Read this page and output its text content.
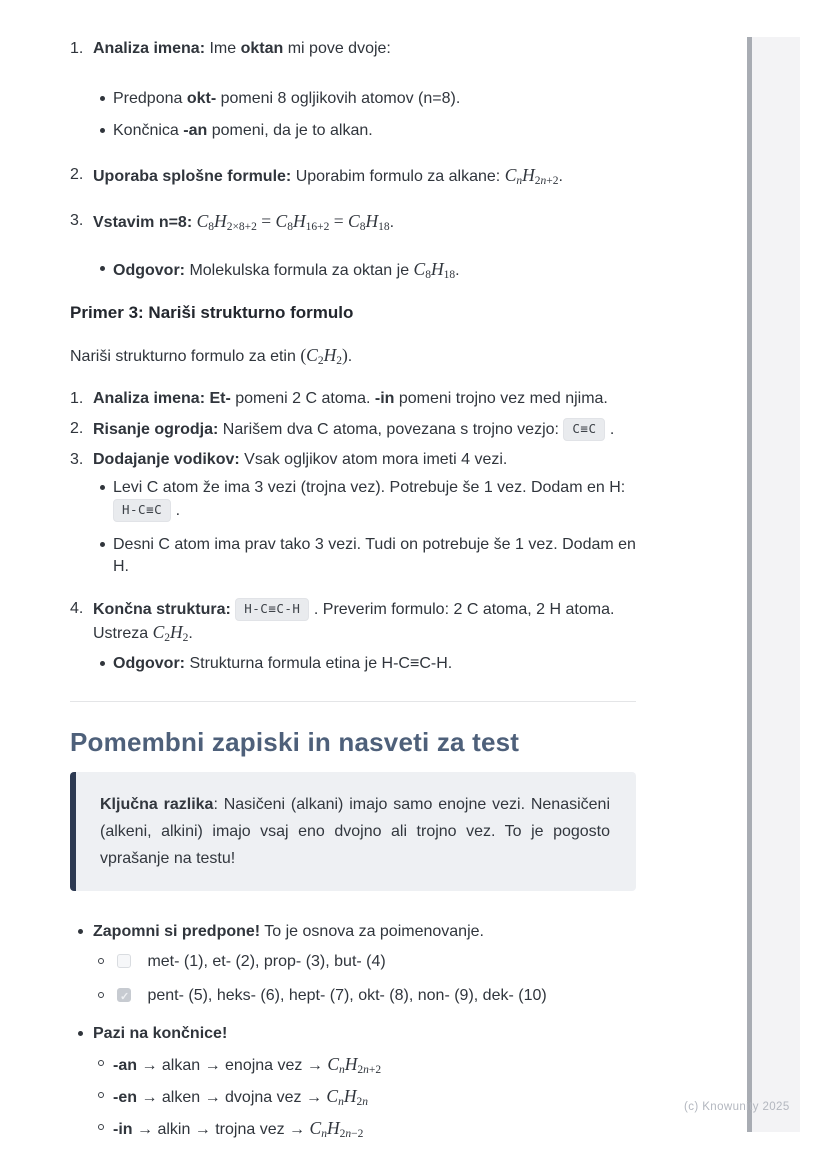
1. Analiza imena: Ime oktan mi pove dvoje:
Predpona okt- pomeni 8 ogljikovih atomov (n=8).
Končnica -an pomeni, da je to alkan.
2. Uporaba splošne formule: Uporabim formulo za alkane: $C_nH_{2n+2}$.
3. Vstavim n=8: $C_8H_{2\times 8+2} = C_8H_{16+2} = C_8H_{18}$.
Odgovor: Molekulska formula za oktan je $C_8H_{18}$.
Primer 3: Nariši strukturno formulo

Nariši strukturno formulo za etin $(C_2H_2)$.

1. Analiza imena: Et- pomeni 2 C atoma. -in pomeni trojno vez med njima.
2. Risanje ogrodja: Narišem dva C atoma, povezana s trojno vezjo: C≡C .
3. Dodajanje vodikov: Vsak ogljikov atom mora imeti 4 vezi.
Levi C atom že ima 3 vezi (trojna vez). Potrebuje še 1 vez. Dodam en H: H-C≡C .
Desni C atom ima prav tako 3 vezi. Tudi on potrebuje še 1 vez. Dodam en H.
4. Končna struktura: H-C≡C-H . Preverim formulo: 2 C atoma, 2 H atoma. Ustreza $C_2H_2$.
Odgovor: Strukturna formula etina je H-C≡C-H.
Pomembni zapiski in nasveti za test
Ključna razlika: Nasičeni (alkani) imajo samo enojne vezi. Nenasičeni (alkeni, alkini) imajo vsaj eno dvojno ali trojno vez. To je pogosto vprašanje na testu!
Zapomni si predpone! To je osnova za poimenovanje.
met- (1), et- (2), prop- (3), but- (4)
✓ pent- (5), heks- (6), hept- (7), okt- (8), non- (9), dek- (10)
Pazi na končnice!
-an → alkan → enojna vez → $C_nH_{2n+2}$
-en → alken → dvojna vez → $C_nH_{2n}$
-in → alkin → trojna vez → $C_nH_{2n-2}$
(c) Knowunity 2025
